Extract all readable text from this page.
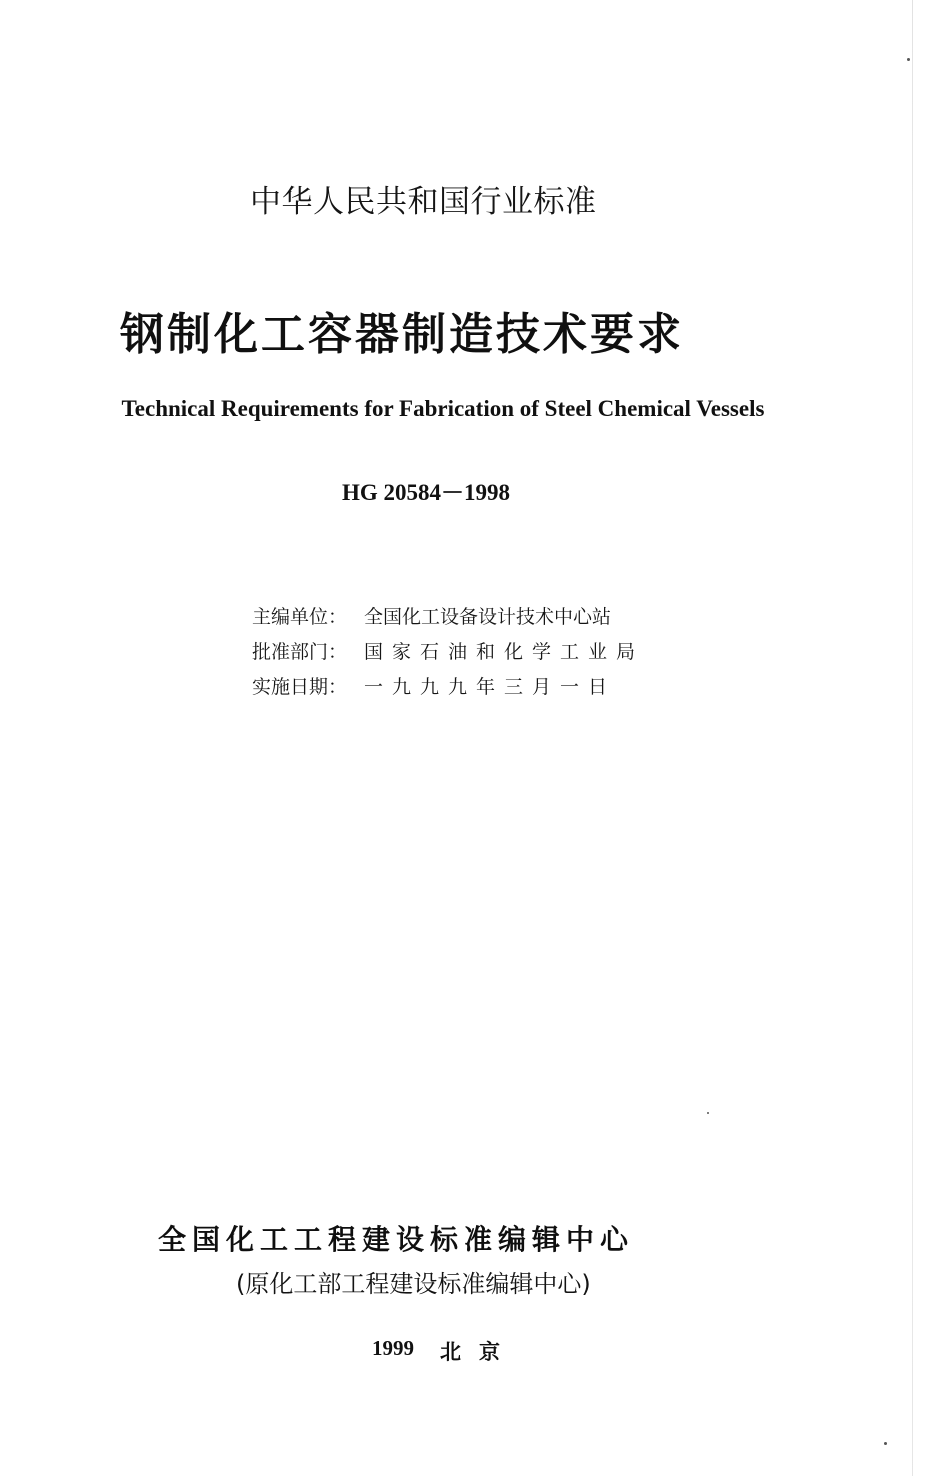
中华人民共和国行业标准
钢制化工容器制造技术要求
Technical Requirements for Fabrication of Steel Chemical Vessels
HG 20584－1998
主编单位： 全国化工设备设计技术中心站
批准部门： 国家石油和化学工业局
实施日期： 一九九九年三月一日
全国化工工程建设标准编辑中心
(原化工部工程建设标准编辑中心)
1999 北京
